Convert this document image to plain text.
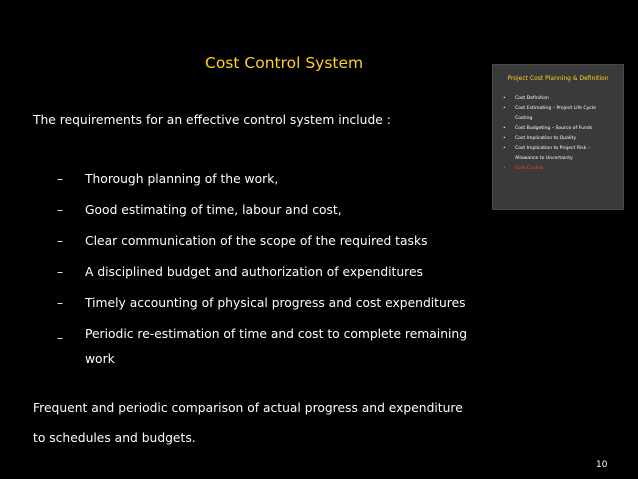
Cost Control System
The requirements for an effective control system include :
– Thorough planning of the work,
– Good estimating of time, labour and cost,
– Clear communication of the scope of the required tasks
– A disciplined budget and authorization of expenditures
– Timely accounting of physical progress and cost expenditures
– Periodic re-estimation of time and cost to complete remaining work
Frequent and periodic comparison of actual progress and expenditure to schedules and budgets.
Project Cost Planning & Definition
• Cost Definition
• Cost Estimating – Project Life Cycle
Costing
• Cost Budgeting – Source of Funds
• Cost Implication to Quality
• Cost Implication to Project Risk –
Allowance to Uncertainty
• Cost Control
10
